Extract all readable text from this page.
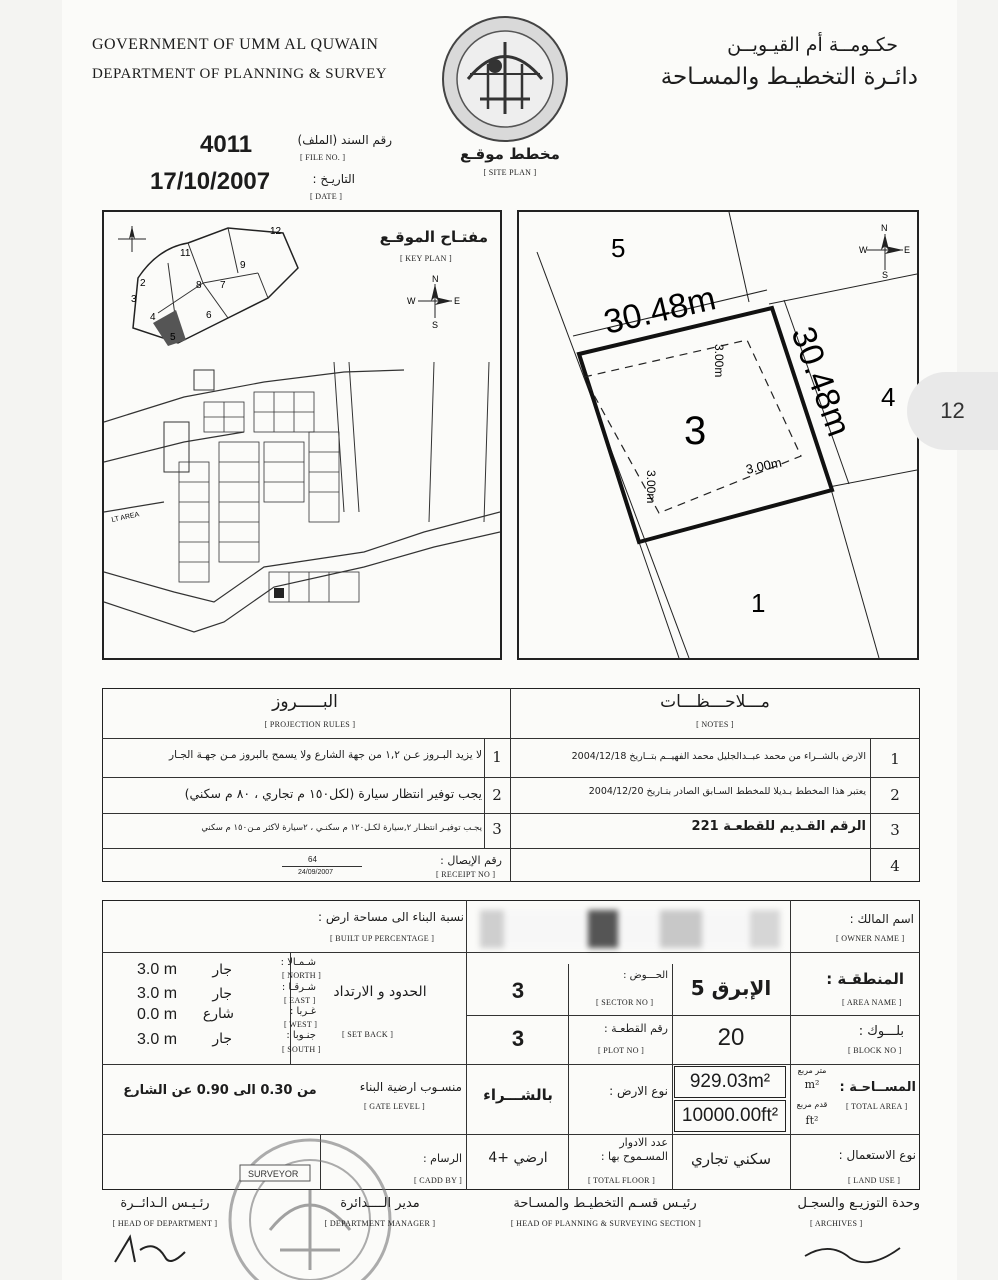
GOVERNMENT OF UMM AL QUWAIN
DEPARTMENT OF PLANNING & SURVEY
حكـومــة أم القيـويــن
دائـرة التخطيـط والمسـاحة
مخطط موقـع
[ SITE PLAN ]
رقم السند (الملف)
[ FILE NO. ]
4011
التاريـخ :
[ DATE ]
17/10/2007
مفتـاح الموقـع
[ KEY PLAN ]
12
11
9
2	8 7
3
4
5
6
N
S
E
W
LT AREA
N
S
E
W
5
4
1
3
30.48m
30.48m
3.00m
3.00m
3.00m
12
البـــــروز
[ PROJECTION RULES ]
مـــلاحـــظـــات
[ NOTES ]
1
لا يزيد البـروز عـن ١,٢ من جهة الشارع ولا يسمح بالبروز مـن جهـة الجـار
2
يجب توفير انتظار سيارة (لكل١٥٠ م تجاري ، ٨٠ م سكني)
3
يجـب توفيـر انتظـار ٢,سيارة لكـل١٢٠ م سكنـي ، ٢سيارة لأكثر مـن١٥٠ م سكني
رقم الإيصال :
[ RECEIPT NO ]
64
24/09/2007
1
الارض بالشــراء من محمد عبــدالجليل محمد الفهيــم بتــاريخ 2004/12/18
2
يعتبر هذا المخطط بـديلا للمخطط السـابق الصادر بتـاريخ 2004/12/20
3
الرقم القـديم للقطعـة 221
4
اسم المالك :
[ OWNER NAME ]
نسبة البناء الى مساحة ارض :
[ BUILT UP PERCENTAGE ]
المنطقـة :
[ AREA NAME ]
الإبرق 5
الحـــوض :
[ SECTOR NO ]
3
بلـــوك :
[ BLOCK NO ]
20
رقم القطعـة :
[ PLOT NO ]
3
الحدود و الارتداد
[ SET BACK ]
شـمـالا :
[ NORTH ]
جار
3.0 m
شـرقـا :
[ EAST ]
جار
3.0 m
غـربا :
[ WEST ]
شارع
0.0 m
جنـوبا :
[ SOUTH ]
جار
3.0 m
المســاحـة :
[ TOTAL AREA ]
متر مربع
m²
قدم مربع
ft²
929.03m²
10000.00ft²
نوع الارض :
بالشـــراء
منسـوب ارضية البناء
[ GATE LEVEL ]
من 0.30 الى 0.90 عن الشارع
نوع الاستعمال :
[ LAND USE ]
سكني تجاري
عدد الادوار المسـموح بها :
[ TOTAL FLOOR ]
ارضي +4
الرسام :
[ CADD BY ]
SURVEYOR
وحدة التوزيـع والسجـل
[ ARCHIVES ]
رئيـس قسـم التخطيـط والمسـاحة
[ HEAD OF PLANNING & SURVEYING SECTION ]
مدير الــــدائرة
[ DEPARTMENT MANAGER ]
رئـيـس الـدائــرة
[ HEAD OF DEPARTMENT ]
